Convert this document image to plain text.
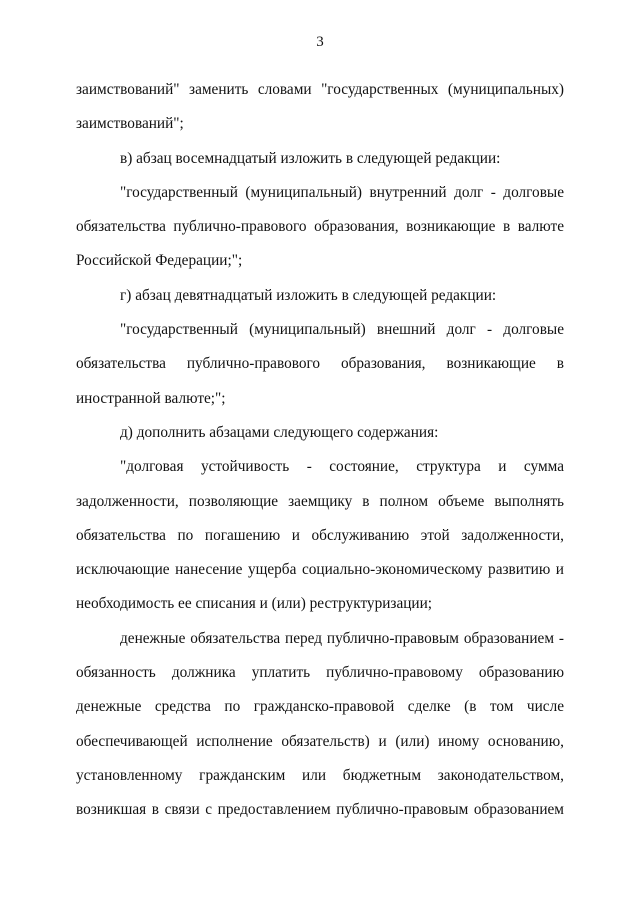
3
заимствований" заменить словами "государственных (муниципальных)
заимствований";
в) абзац восемнадцатый изложить в следующей редакции:
"государственный (муниципальный) внутренний долг - долговые
обязательства публично-правового образования, возникающие в валюте
Российской Федерации;";
г) абзац девятнадцатый изложить в следующей редакции:
"государственный (муниципальный) внешний долг - долговые
обязательства публично-правового образования, возникающие в
иностранной валюте;";
д) дополнить абзацами следующего содержания:
"долговая устойчивость - состояние, структура и сумма
задолженности, позволяющие заемщику в полном объеме выполнять
обязательства по погашению и обслуживанию этой задолженности,
исключающие нанесение ущерба социально-экономическому развитию и
необходимость ее списания и (или) реструктуризации;
денежные обязательства перед публично-правовым образованием -
обязанность должника уплатить публично-правовому образованию
денежные средства по гражданско-правовой сделке (в том числе
обеспечивающей исполнение обязательств) и (или) иному основанию,
установленному гражданским или бюджетным законодательством,
возникшая в связи с предоставлением публично-правовым образованием
